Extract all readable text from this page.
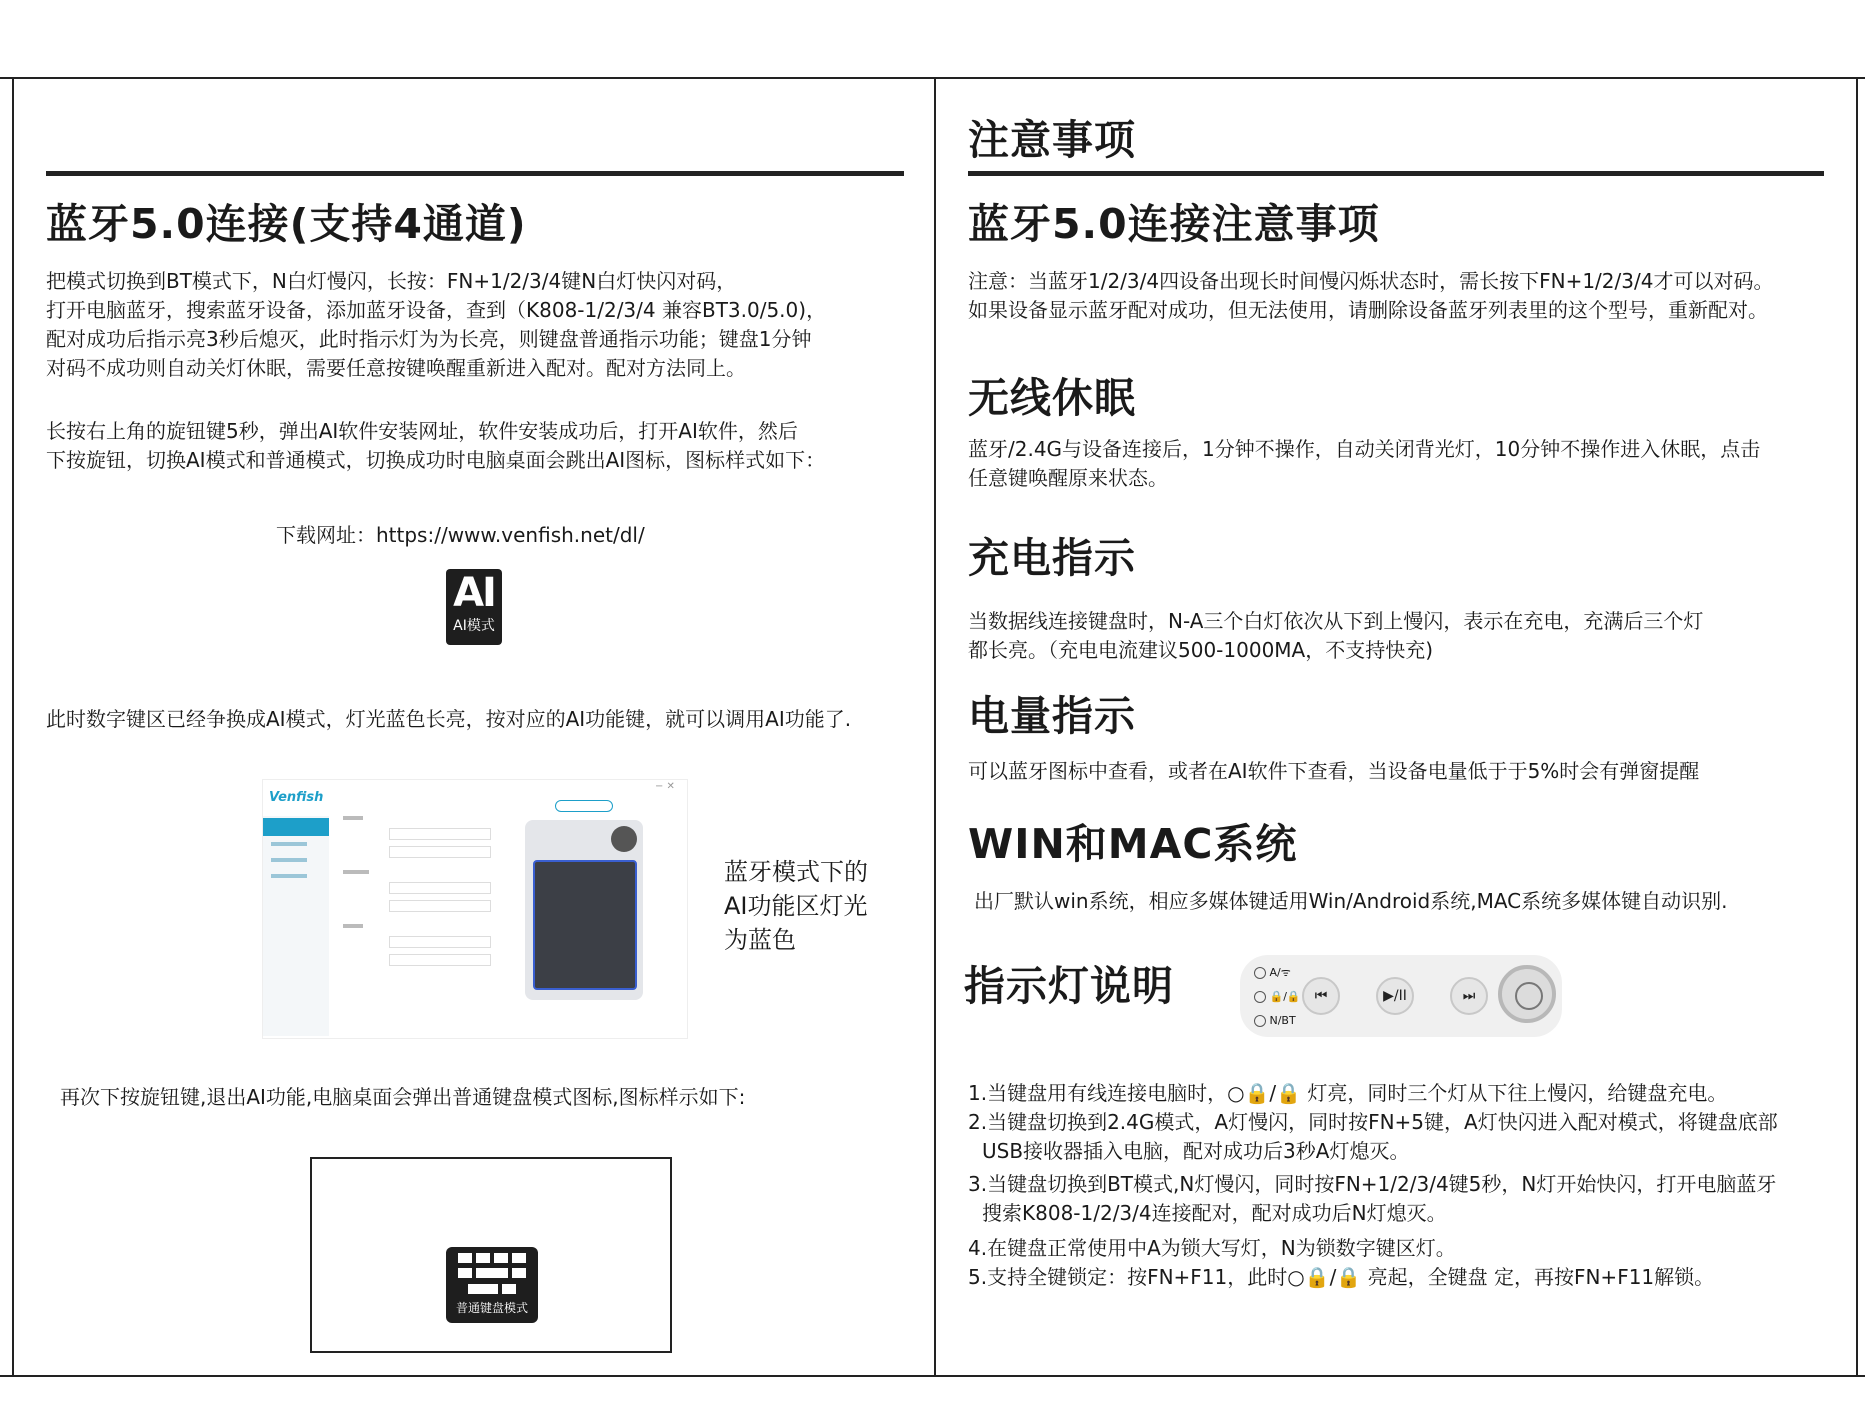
蓝牙5.0连接(支持4通道)
把模式切换到BT模式下，N白灯慢闪，长按：FN+1/2/3/4键N白灯快闪对码，
打开电脑蓝牙，搜索蓝牙设备，添加蓝牙设备，查到（K808-1/2/3/4 兼容BT3.0/5.0)，
配对成功后指示亮3秒后熄灭，此时指示灯为为长亮，则键盘普通指示功能；键盘1分钟
对码不成功则自动关灯休眠，需要任意按键唤醒重新进入配对。配对方法同上。
长按右上角的旋钮键5秒，弹出AI软件安装网址，软件安装成功后，打开AI软件，然后
下按旋钮，切换AI模式和普通模式，切换成功时电脑桌面会跳出AI图标，图标样式如下：
下载网址：https://www.venfish.net/dl/
AI
AI模式
此时数字键区已经争换成AI模式，灯光蓝色长亮，按对应的AI功能键，就可以调用AI功能了.
Venfish
− ✕
蓝牙模式下的
AI功能区灯光
为蓝色
再次下按旋钮键,退出AI功能,电脑桌面会弹出普通键盘模式图标,图标样示如下:
普通键盘模式
注意事项
蓝牙5.0连接注意事项
注意：当蓝牙1/2/3/4四设备出现长时间慢闪烁状态时，需长按下FN+1/2/3/4才可以对码。
如果设备显示蓝牙配对成功，但无法使用，请删除设备蓝牙列表里的这个型号，重新配对。
无线休眠
蓝牙/2.4G与设备连接后，1分钟不操作，自动关闭背光灯，10分钟不操作进入休眠，点击
任意键唤醒原来状态。
充电指示
当数据线连接键盘时，N-A三个白灯依次从下到上慢闪，表示在充电，充满后三个灯
都长亮。（充电电流建议500-1000MA，不支持快充)
电量指示
可以蓝牙图标中查看，或者在AI软件下查看，当设备电量低于于5%时会有弹窗提醒
WIN和MAC系统
出厂默认win系统，相应多媒体键适用Win/Android系统,MAC系统多媒体键自动识别.
指示灯说明	A/ᯤ
🔒/🔒
N/BT
⏮	▶/II	⏭
1.当键盘用有线连接电脑时，○🔒/🔒 灯亮，同时三个灯从下往上慢闪，给键盘充电。
2.当键盘切换到2.4G模式，A灯慢闪，同时按FN+5键，A灯快闪进入配对模式，将键盘底部
USB接收器插入电脑，配对成功后3秒A灯熄灭。
3.当键盘切换到BT模式,N灯慢闪，同时按FN+1/2/3/4键5秒，N灯开始快闪，打开电脑蓝牙
搜索K808-1/2/3/4连接配对，配对成功后N灯熄灭。
4.在键盘正常使用中A为锁大写灯，N为锁数字键区灯。
5.支持全键锁定：按FN+F11，此时○🔒/🔒 亮起，全键盘 定，再按FN+F11解锁。
